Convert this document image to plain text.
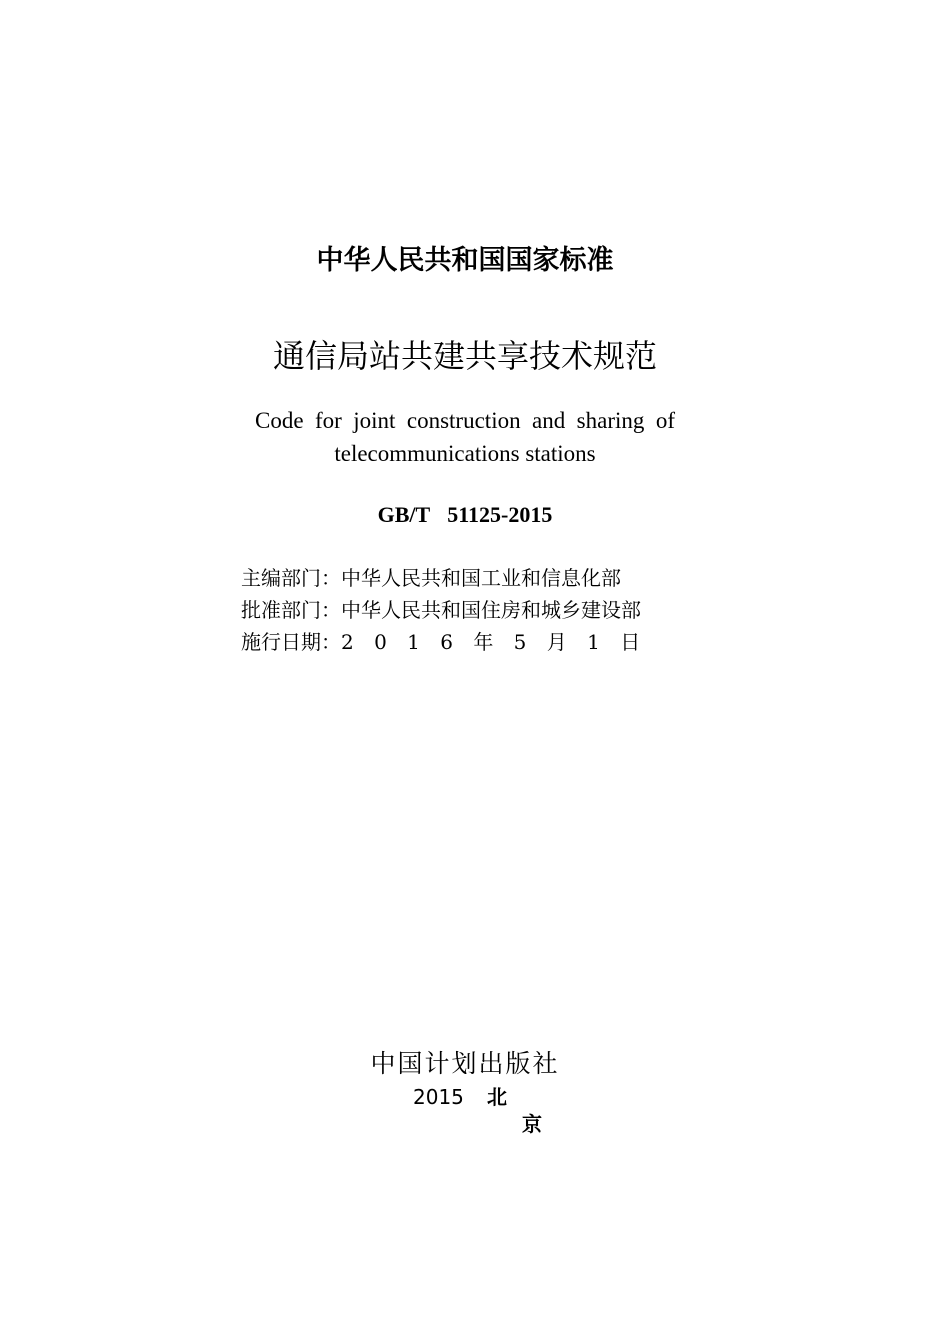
中华人民共和国国家标准
通信局站共建共享技术规范
Code for joint construction and sharing of telecommunications stations
GB/T 51125-2015
主编部门：中华人民共和国工业和信息化部
批准部门：中华人民共和国住房和城乡建设部
施行日期：2 0 1 6 年 5 月 1 日
中国计划出版社
2015 北
京
